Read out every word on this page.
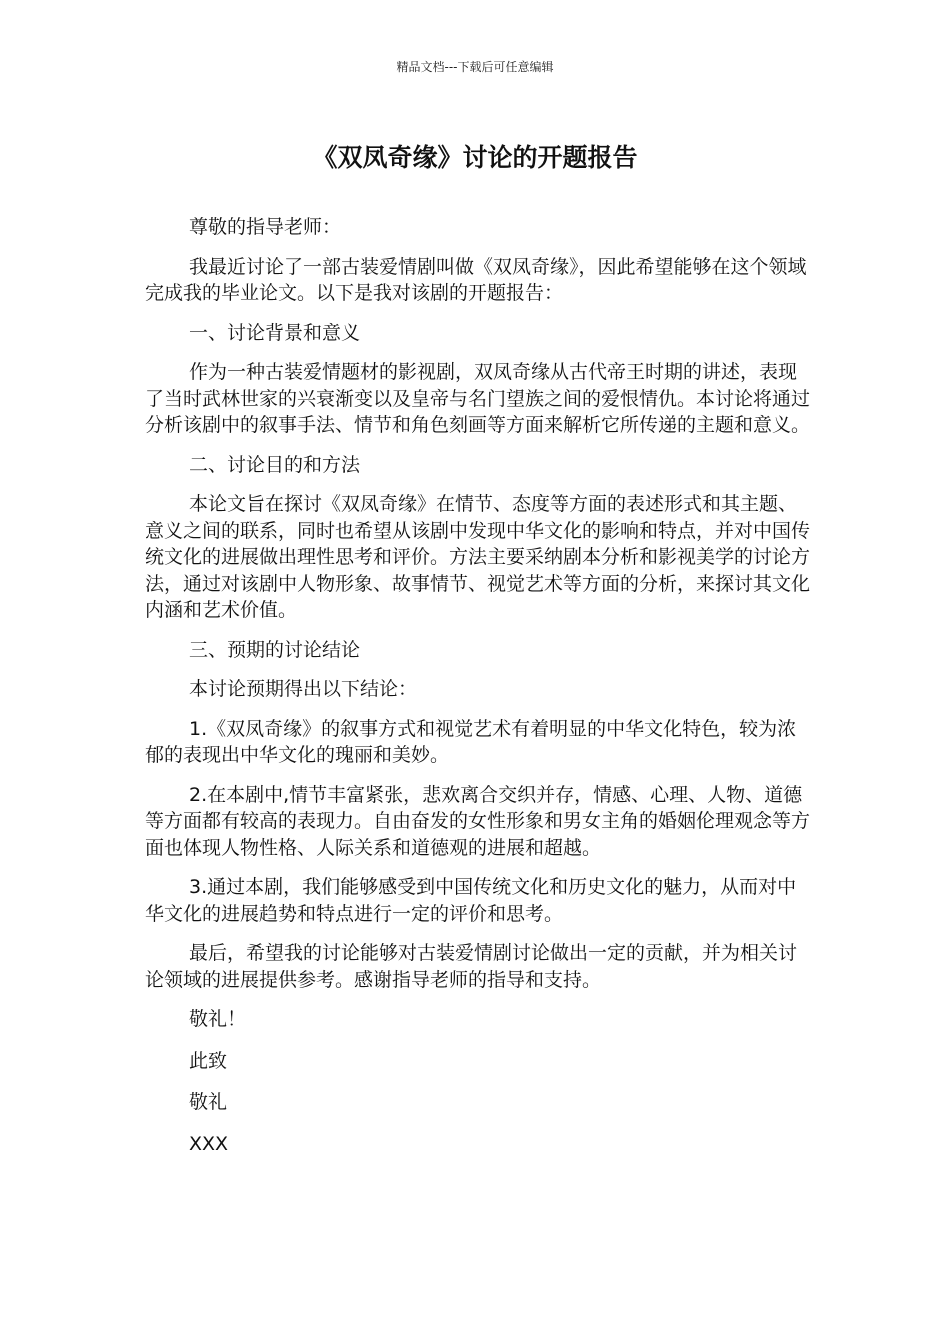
精品文档---下载后可任意编辑
《双凤奇缘》讨论的开题报告

尊敬的指导老师：

我最近讨论了一部古装爱情剧叫做《双凤奇缘》，因此希望能够在这个领域完成我的毕业论文。以下是我对该剧的开题报告：

一、讨论背景和意义

作为一种古装爱情题材的影视剧，双凤奇缘从古代帝王时期的讲述，表现了当时武林世家的兴衰渐变以及皇帝与名门望族之间的爱恨情仇。本讨论将通过分析该剧中的叙事手法、情节和角色刻画等方面来解析它所传递的主题和意义。

二、讨论目的和方法

本论文旨在探讨《双凤奇缘》在情节、态度等方面的表述形式和其主题、意义之间的联系，同时也希望从该剧中发现中华文化的影响和特点，并对中国传统文化的进展做出理性思考和评价。方法主要采纳剧本分析和影视美学的讨论方法，通过对该剧中人物形象、故事情节、视觉艺术等方面的分析，来探讨其文化内涵和艺术价值。

三、预期的讨论结论

本讨论预期得出以下结论：

1.《双凤奇缘》的叙事方式和视觉艺术有着明显的中华文化特色，较为浓郁的表现出中华文化的瑰丽和美妙。

2.在本剧中,情节丰富紧张，悲欢离合交织并存，情感、心理、人物、道德等方面都有较高的表现力。自由奋发的女性形象和男女主角的婚姻伦理观念等方面也体现人物性格、人际关系和道德观的进展和超越。

3.通过本剧，我们能够感受到中国传统文化和历史文化的魅力，从而对中华文化的进展趋势和特点进行一定的评价和思考。

最后，希望我的讨论能够对古装爱情剧讨论做出一定的贡献，并为相关讨论领域的进展提供参考。感谢指导老师的指导和支持。

敬礼！

此致

敬礼

XXX
